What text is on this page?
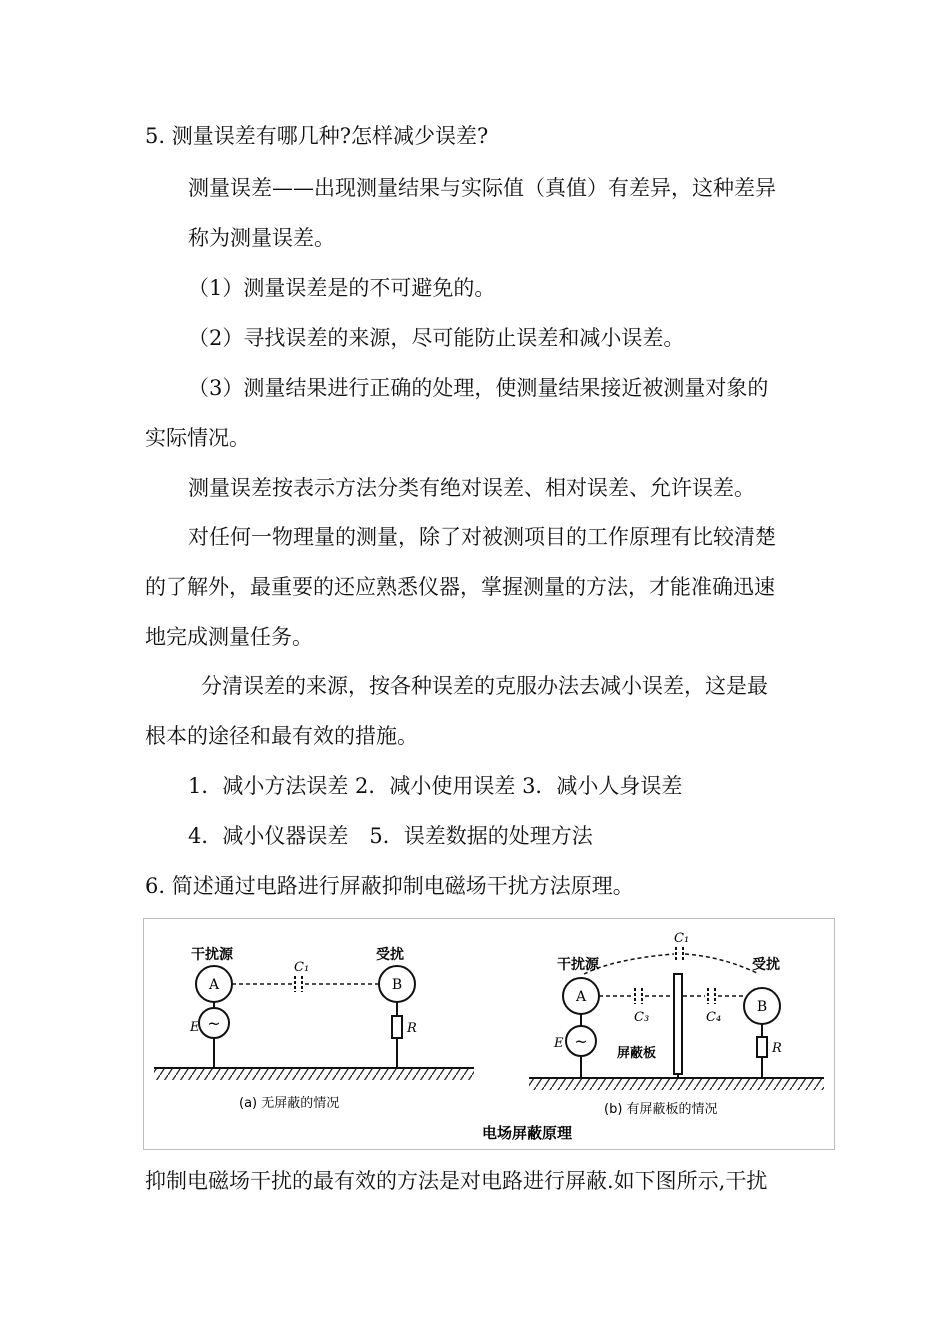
5. 测量误差有哪几种?怎样减少误差?

测量误差——出现测量结果与实际值（真值）有差异，这种差异

称为测量误差。

（1）测量误差是的不可避免的。

（2）寻找误差的来源，尽可能防止误差和减小误差。

（3）测量结果进行正确的处理，使测量结果接近被测量对象的

实际情况。

测量误差按表示方法分类有绝对误差、相对误差、允许误差。

对任何一物理量的测量，除了对被测项目的工作原理有比较清楚

的了解外，最重要的还应熟悉仪器，掌握测量的方法，才能准确迅速

地完成测量任务。

分清误差的来源，按各种误差的克服办法去减小误差，这是最

根本的途径和最有效的措施。

1．减小方法误差 2．减小使用误差 3．减小人身误差

4．减小仪器误差　5．误差数据的处理方法

6. 简述通过电路进行屏蔽抑制电磁场干扰方法原理。

干扰源
A
~
E
C₁
受扰
B
R
(a) 无屏蔽的情况
C₁
干扰源
A
~
E
C₃
屏蔽板
C₄
受扰
B
R
(b) 有屏蔽板的情况
电场屏蔽原理

抑制电磁场干扰的最有效的方法是对电路进行屏蔽.如下图所示,干扰
